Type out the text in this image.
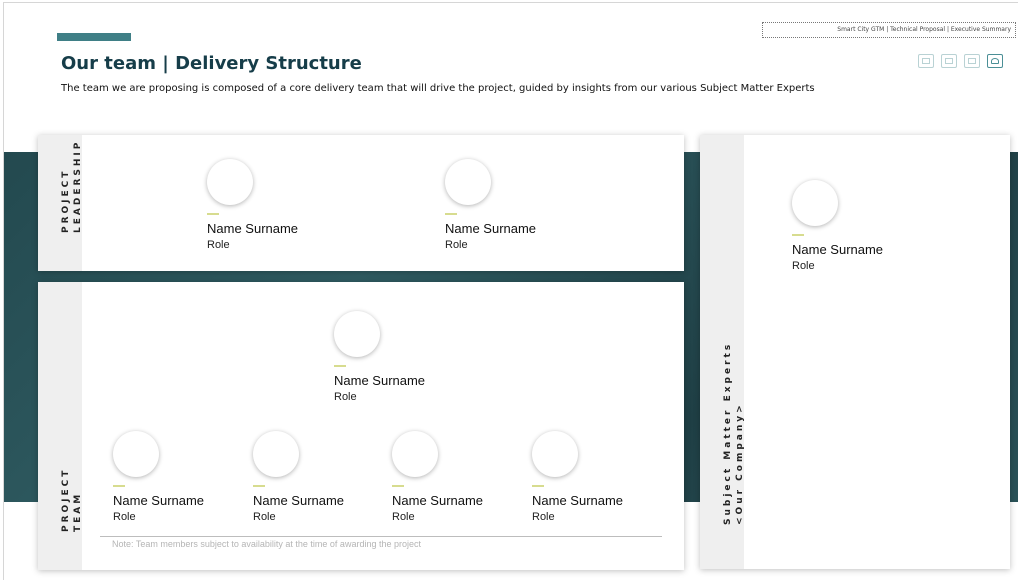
Our team | Delivery Structure
The team we are proposing is composed of a core delivery team that will drive the project, guided by insights from our various Subject Matter Experts
Smart City GTM | Technical Proposal | Executive Summary
PROJECT LEADERSHIP	Name Surname
Role
Name Surname
Role
PROJECT TEAM
Name Surname
Role
Name Surname
Role
Name Surname
Role
Name Surname
Role
Name Surname
Role
Note: Team members subject to availability at the time of awarding the project
Subject Matter Experts <Our Company>
Name Surname
Role
